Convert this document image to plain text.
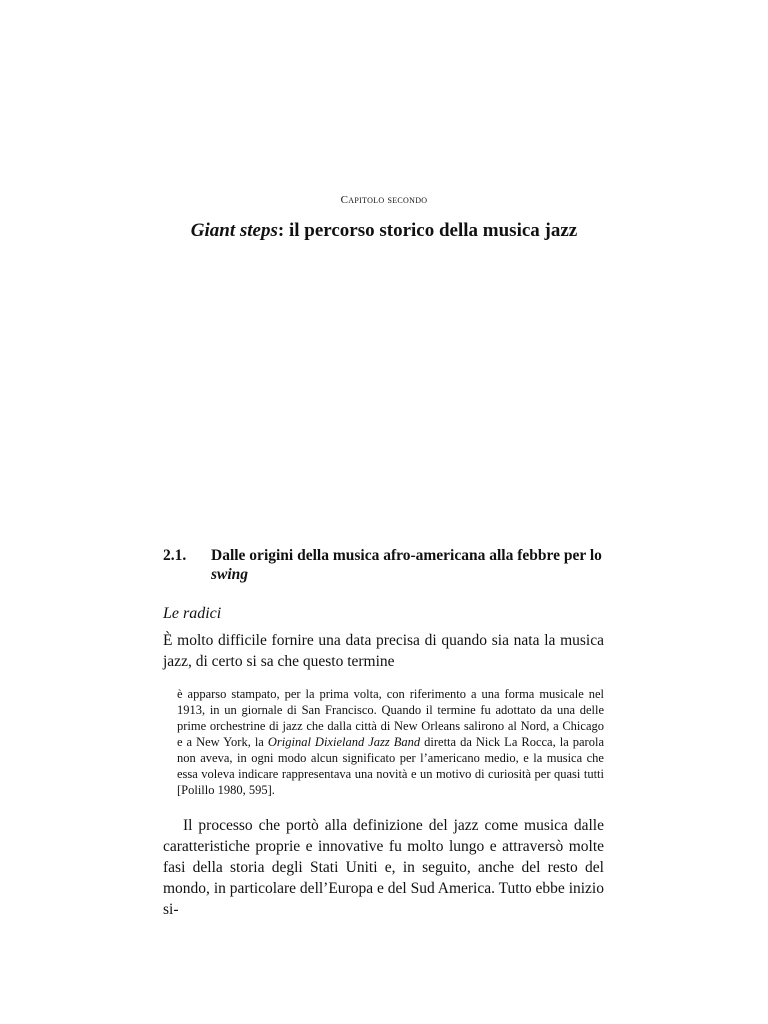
Capitolo secondo
Giant steps: il percorso storico della musica jazz
2.1. Dalle origini della musica afro-americana alla febbre per lo swing
Le radici
È molto difficile fornire una data precisa di quando sia nata la musica jazz, di certo si sa che questo termine
è apparso stampato, per la prima volta, con riferimento a una forma musicale nel 1913, in un giornale di San Francisco. Quando il termine fu adottato da una delle prime orchestrine di jazz che dalla città di New Orleans salirono al Nord, a Chicago e a New York, la Original Dixieland Jazz Band diretta da Nick La Rocca, la parola non aveva, in ogni modo alcun significato per l’americano medio, e la musica che essa voleva indicare rappresentava una novità e un motivo di curiosità per quasi tutti [Polillo 1980, 595].
Il processo che portò alla definizione del jazz come musica dalle caratteristiche proprie e innovative fu molto lungo e attraversò molte fasi della storia degli Stati Uniti e, in seguito, anche del resto del mondo, in particolare dell’Europa e del Sud America. Tutto ebbe inizio si-
